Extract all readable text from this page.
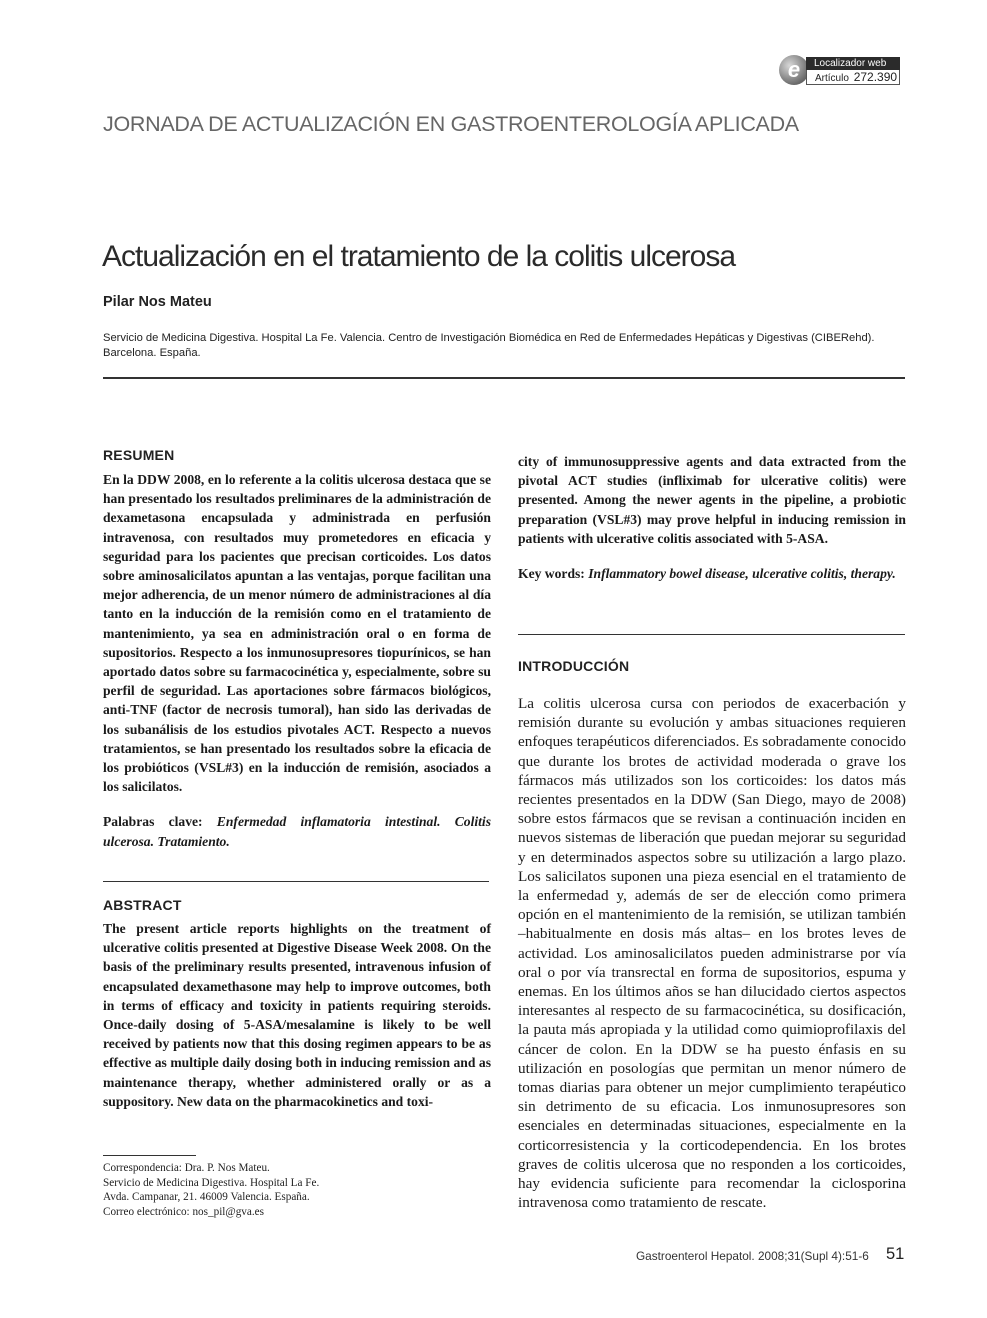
e	Localizador web
Artículo 272.390
JORNADA DE ACTUALIZACIÓN EN GASTROENTEROLOGÍA APLICADA
Actualización en el tratamiento de la colitis ulcerosa
Pilar Nos Mateu
Servicio de Medicina Digestiva. Hospital La Fe. Valencia. Centro de Investigación Biomédica en Red de Enfermedades Hepáticas y Digestivas (CIBERehd). Barcelona. España.
RESUMEN

En la DDW 2008, en lo referente a la colitis ulcerosa destaca que se han presentado los resultados preliminares de la administración de dexametasona encapsulada y administrada en perfusión intravenosa, con resultados muy prometedores en eficacia y seguridad para los pacientes que precisan corticoides. Los datos sobre aminosalicilatos apuntan a las ventajas, porque facilitan una mejor adherencia, de un menor número de administraciones al día tanto en la inducción de la remisión como en el tratamiento de mantenimiento, ya sea en administración oral o en forma de supositorios. Respecto a los inmunosupresores tiopurínicos, se han aportado datos sobre su farmacocinética y, especialmente, sobre su perfil de seguridad. Las aportaciones sobre fármacos biológicos, anti-TNF (factor de necrosis tumoral), han sido las derivadas de los subanálisis de los estudios pivotales ACT. Respecto a nuevos tratamientos, se han presentado los resultados sobre la eficacia de los probióticos (VSL#3) en la inducción de remisión, asociados a los salicilatos.

Palabras clave: Enfermedad inflamatoria intestinal. Colitis ulcerosa. Tratamiento.

ABSTRACT

The present article reports highlights on the treatment of ulcerative colitis presented at Digestive Disease Week 2008. On the basis of the preliminary results presented, intravenous infusion of encapsulated dexamethasone may help to improve outcomes, both in terms of efficacy and toxicity in patients requiring steroids. Once-daily dosing of 5-ASA/mesalamine is likely to be well received by patients now that this dosing regimen appears to be as effective as multiple daily dosing both in inducing remission and as maintenance therapy, whether administered orally or as a suppository. New data on the pharmacokinetics and toxi-

Correspondencia: Dra. P. Nos Mateu.
Servicio de Medicina Digestiva. Hospital La Fe.
Avda. Campanar, 21. 46009 Valencia. España.
Correo electrónico: nos_pil@gva.es

city of immunosuppressive agents and data extracted from the pivotal ACT studies (infliximab for ulcerative colitis) were presented. Among the newer agents in the pipeline, a probiotic preparation (VSL#3) may prove helpful in inducing remission in patients with ulcerative colitis associated with 5-ASA.

Key words: Inflammatory bowel disease, ulcerative colitis, therapy.

INTRODUCCIÓN

La colitis ulcerosa cursa con periodos de exacerbación y remisión durante su evolución y ambas situaciones requieren enfoques terapéuticos diferenciados. Es sobradamente conocido que durante los brotes de actividad moderada o grave los fármacos más utilizados son los corticoides: los datos más recientes presentados en la DDW (San Diego, mayo de 2008) sobre estos fármacos que se revisan a continuación inciden en nuevos sistemas de liberación que puedan mejorar su seguridad y en determinados aspectos sobre su utilización a largo plazo. Los salicilatos suponen una pieza esencial en el tratamiento de la enfermedad y, además de ser de elección como primera opción en el mantenimiento de la remisión, se utilizan también –habitualmente en dosis más altas– en los brotes leves de actividad. Los aminosalicilatos pueden administrarse por vía oral o por vía transrectal en forma de supositorios, espuma y enemas. En los últimos años se han dilucidado ciertos aspectos interesantes al respecto de su farmacocinética, su dosificación, la pauta más apropiada y la utilidad como quimioprofilaxis del cáncer de colon. En la DDW se ha puesto énfasis en su utilización en posologías que permitan un menor número de tomas diarias para obtener un mejor cumplimiento terapéutico sin detrimento de su eficacia. Los inmunosupresores son esenciales en determinadas situaciones, especialmente en la corticorresistencia y la corticodependencia. En los brotes graves de colitis ulcerosa que no responden a los corticoides, hay evidencia suficiente para recomendar la ciclosporina intravenosa como tratamiento de rescate.

Gastroenterol Hepatol. 2008;31(Supl 4):51-6 51
